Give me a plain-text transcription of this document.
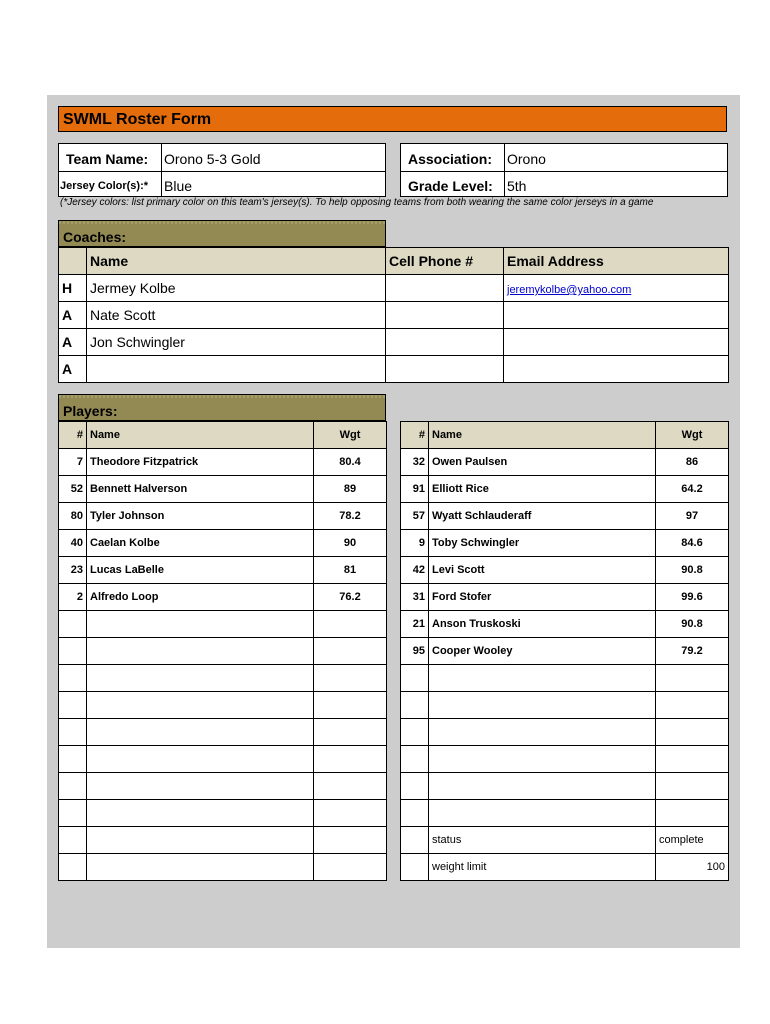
SWML Roster Form
Team Name: Orono 5-3 Gold
Jersey Color(s):* Blue
Association: Orono
Grade Level: 5th
(*Jersey colors: list primary color on this team's jersey(s). To help opposing teams from both wearing the same color jerseys in a game
Coaches:
	Name	Cell Phone #	Email Address
H	Jermey Kolbe		jeremykolbe@yahoo.com
A	Nate Scott		
A	Jon Schwingler		
A			
Players:
#	Name	Wgt
7	Theodore Fitzpatrick	80.4
52	Bennett Halverson	89
80	Tyler Johnson	78.2
40	Caelan Kolbe	90
23	Lucas LaBelle	81
2	Alfredo Loop	76.2

#	Name	Wgt
32	Owen Paulsen	86
91	Elliott Rice	64.2
57	Wyatt Schlauderaff	97
9	Toby Schwingler	84.6
42	Levi Scott	90.8
31	Ford Stofer	99.6
21	Anson Truskoski	90.8
95	Cooper Wooley	79.2

	status	complete
	weight limit	100
